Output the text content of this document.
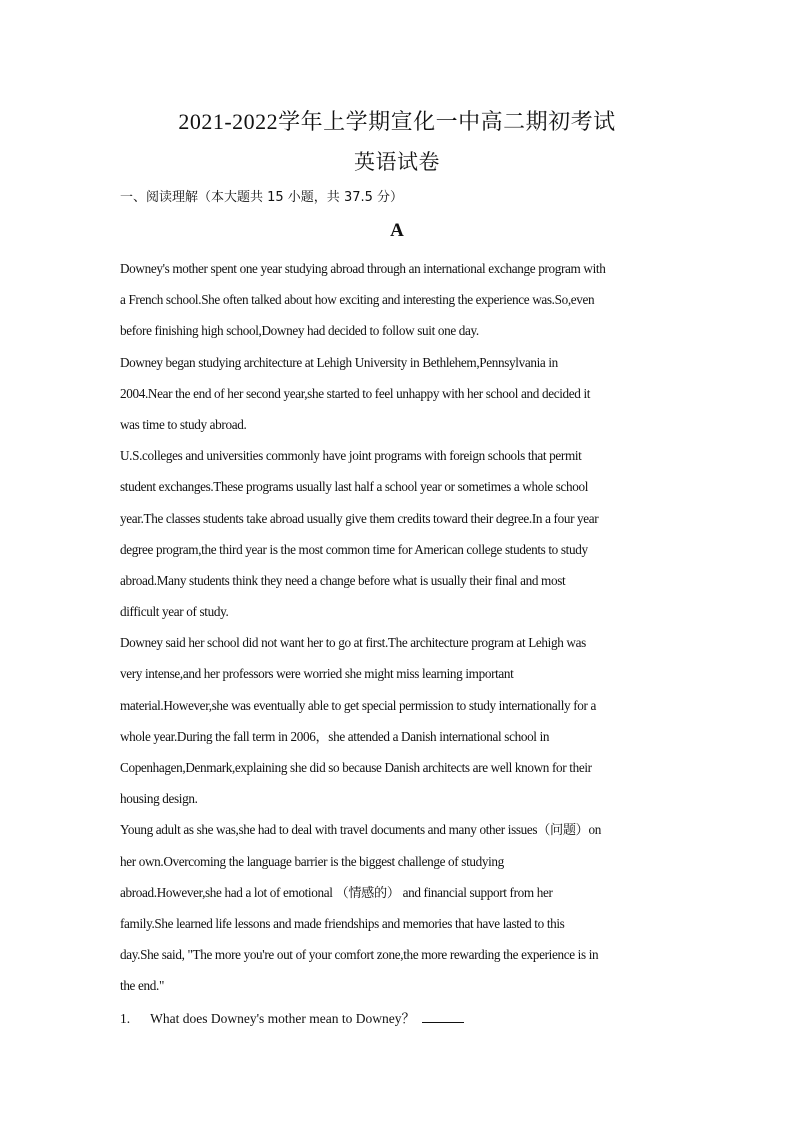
2021-2022学年上学期宣化一中高二期初考试
英语试卷
一、阅读理解（本大题共 15 小题，共 37.5 分）
A
Downey's mother spent one year studying abroad through an international exchange program with
a French school.She often talked about how exciting and interesting the experience was.So,even
before finishing high school,Downey had decided to follow suit one day.
Downey began studying architecture at Lehigh University in Bethlehem,Pennsylvania in
2004.Near the end of her second year,she started to feel unhappy with her school and decided it
was time to study abroad.
U.S.colleges and universities commonly have joint programs with foreign schools that permit
student exchanges.These programs usually last half a school year or sometimes a whole school
year.The classes students take abroad usually give them credits toward their degree.In a four year
degree program,the third year is the most common time for American college students to study
abroad.Many students think they need a change before what is usually their final and most
difficult year of study.
Downey said her school did not want her to go at first.The architecture program at Lehigh was
very intense,and her professors were worried she might miss learning important
material.However,she was eventually able to get special permission to study internationally for a
whole year.During the fall term in 2006，she attended a Danish international school in
Copenhagen,Denmark,explaining she did so because Danish architects are well known for their
housing design.
Young adult as she was,she had to deal with travel documents and many other issues（问题）on
her own.Overcoming the language barrier is the biggest challenge of studying
abroad.However,she had a lot of emotional （情感的） and financial support from her
family.She learned life lessons and made friendships and memories that have lasted to this
day.She said, "The more you're out of your comfort zone,the more rewarding the experience is in
the end."
1. What does Downey's mother mean to Downey？
